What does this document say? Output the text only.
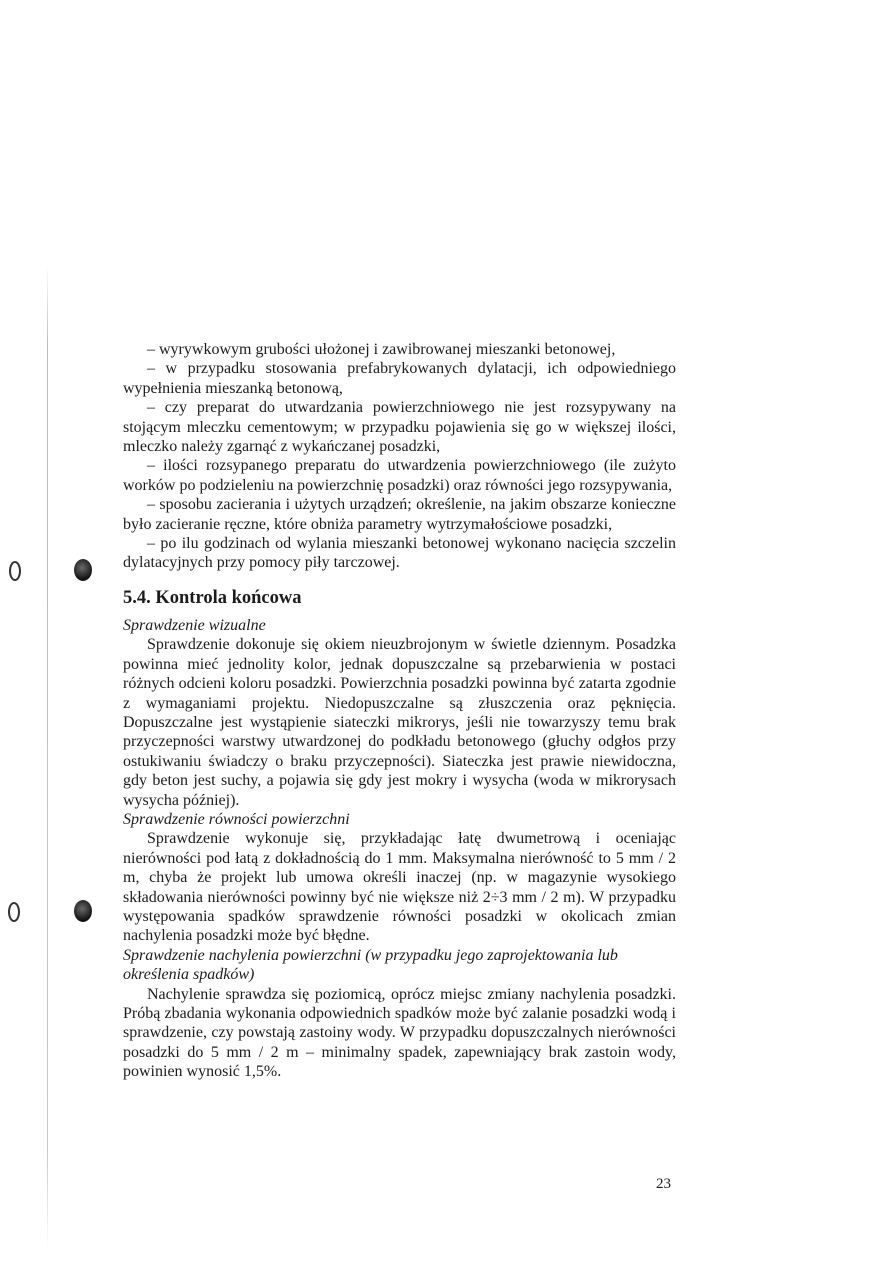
– wyrywkowym grubości ułożonej i zawibrowanej mieszanki betonowej,

– w przypadku stosowania prefabrykowanych dylatacji, ich odpowiedniego wypełnienia mieszanką betonową,

– czy preparat do utwardzania powierzchniowego nie jest rozsypywany na stojącym mleczku cementowym; w przypadku pojawienia się go w większej ilości, mleczko należy zgarnąć z wykańczanej posadzki,

– ilości rozsypanego preparatu do utwardzenia powierzchniowego (ile zużyto worków po podzieleniu na powierzchnię posadzki) oraz równości jego rozsypywania,

– sposobu zacierania i użytych urządzeń; określenie, na jakim obszarze konieczne było zacieranie ręczne, które obniża parametry wytrzymałościowe posadzki,

– po ilu godzinach od wylania mieszanki betonowej wykonano nacięcia szczelin dylatacyjnych przy pomocy piły tarczowej.

5.4. Kontrola końcowa

Sprawdzenie wizualne

Sprawdzenie dokonuje się okiem nieuzbrojonym w świetle dziennym. Posadzka powinna mieć jednolity kolor, jednak dopuszczalne są przebarwienia w postaci różnych odcieni koloru posadzki. Powierzchnia posadzki powinna być zatarta zgodnie z wymaganiami projektu. Niedopuszczalne są złuszczenia oraz pęknięcia. Dopuszczalne jest wystąpienie siateczki mikrorys, jeśli nie towarzyszy temu brak przyczepności warstwy utwardzonej do podkładu betonowego (głuchy odgłos przy ostukiwaniu świadczy o braku przyczepności). Siateczka jest prawie niewidoczna, gdy beton jest suchy, a pojawia się gdy jest mokry i wysycha (woda w mikrorysach wysycha później).

Sprawdzenie równości powierzchni

Sprawdzenie wykonuje się, przykładając łatę dwumetrową i oceniając nierówności pod łatą z dokładnością do 1 mm. Maksymalna nierówność to 5 mm / 2 m, chyba że projekt lub umowa określi inaczej (np. w magazynie wysokiego składowania nierówności powinny być nie większe niż 2÷3 mm / 2 m). W przypadku występowania spadków sprawdzenie równości posadzki w okolicach zmian nachylenia posadzki może być błędne.

Sprawdzenie nachylenia powierzchni (w przypadku jego zaprojektowania lub określenia spadków)

Nachylenie sprawdza się poziomicą, oprócz miejsc zmiany nachylenia posadzki. Próbą zbadania wykonania odpowiednich spadków może być zalanie posadzki wodą i sprawdzenie, czy powstają zastoiny wody. W przypadku dopuszczalnych nierówności posadzki do 5 mm / 2 m – minimalny spadek, zapewniający brak zastoin wody, powinien wynosić 1,5%.

23
